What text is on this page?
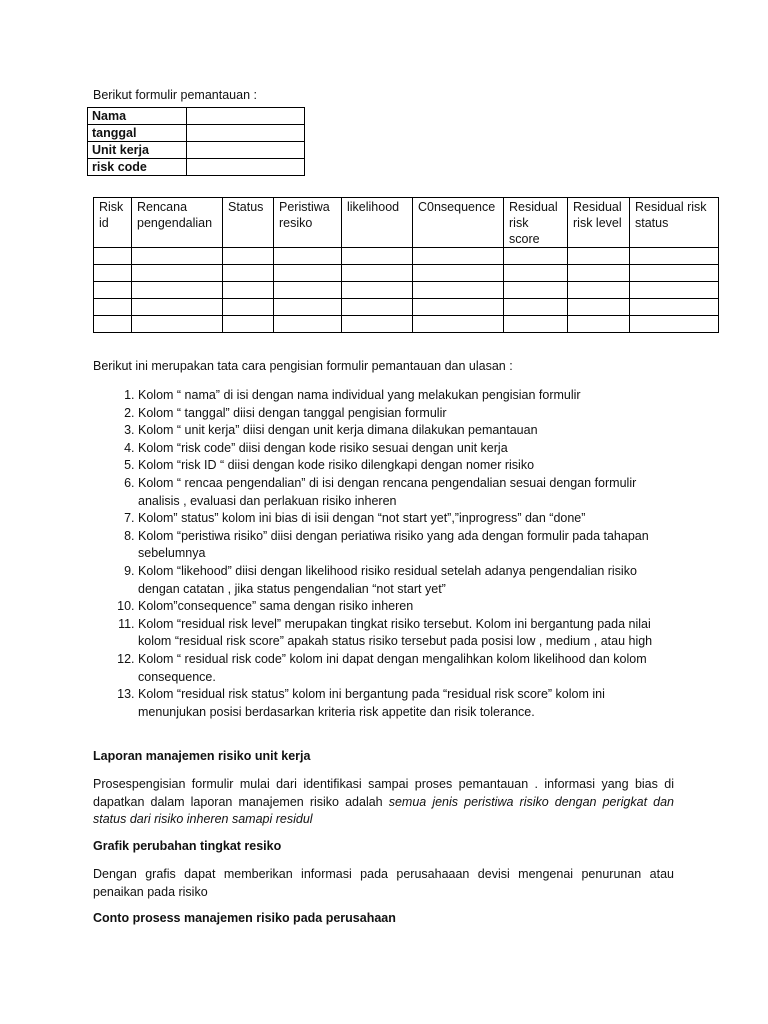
Berikut formulir pemantauan :
Nama	
tanggal	
Unit kerja	
risk code	
Risk id	Rencana pengendalian	Status	Peristiwa resiko	likelihood	C0nsequence	Residual risk score	Residual risk level	Residual risk status

Berikut ini merupakan tata cara pengisian formulir pemantauan dan ulasan :
1. Kolom “ nama” di isi dengan nama individual yang melakukan pengisian formulir
2. Kolom “ tanggal” diisi dengan tanggal pengisian formulir
3. Kolom “ unit kerja” diisi dengan unit kerja dimana dilakukan pemantauan
4. Kolom “risk code” diisi dengan kode risiko sesuai dengan unit kerja
5. Kolom “risk ID “ diisi dengan kode risiko dilengkapi dengan nomer risiko
6. Kolom “ rencaa pengendalian” di isi dengan rencana pengendalian sesuai dengan formulir analisis , evaluasi dan perlakuan risiko inheren
7. Kolom” status” kolom ini bias di isii dengan “not start yet”,”inprogress” dan “done”
8. Kolom “peristiwa risiko” diisi dengan periatiwa risiko yang ada dengan formulir pada tahapan sebelumnya
9. Kolom “likehood” diisi dengan likelihood risiko residual setelah adanya pengendalian risiko dengan catatan , jika status pengendalian “not start yet”
10. Kolom”consequence” sama dengan risiko inheren
11. Kolom “residual risk level” merupakan tingkat risiko tersebut. Kolom ini bergantung pada nilai kolom “residual risk score” apakah status risiko tersebut pada posisi low , medium , atau high
12. Kolom “ residual risk code” kolom ini dapat dengan mengalihkan kolom likelihood dan kolom consequence.
13. Kolom “residual risk status” kolom ini bergantung pada “residual risk score” kolom ini menunjukan posisi berdasarkan kriteria risk appetite dan risik tolerance.
Laporan manajemen risiko unit kerja
Prosespengisian formulir mulai dari identifikasi sampai proses pemantauan . informasi yang bias di dapatkan dalam laporan manajemen risiko adalah semua jenis peristiwa risiko dengan perigkat dan status dari risiko inheren samapi residul
Grafik perubahan tingkat resiko
Dengan grafis dapat memberikan informasi pada perusahaaan devisi mengenai penurunan atau penaikan pada risiko
Conto prosess manajemen risiko pada perusahaan
